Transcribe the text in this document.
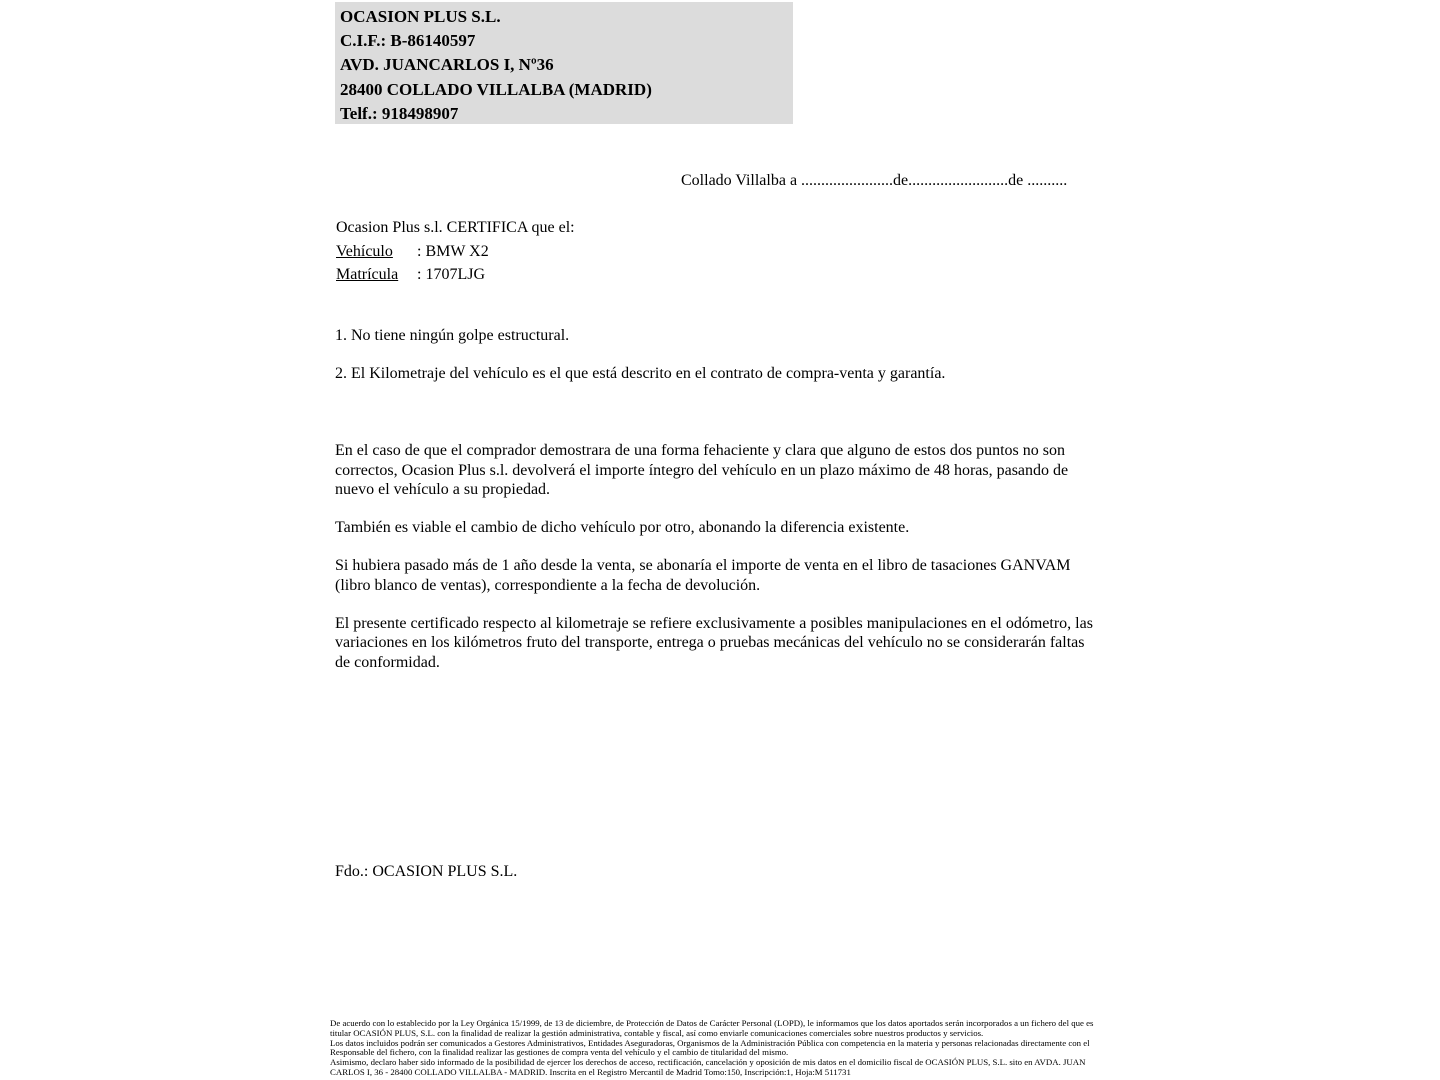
OCASION PLUS S.L.
C.I.F.: B-86140597
AVD. JUANCARLOS I, Nº36
28400 COLLADO VILLALBA (MADRID)
Telf.: 918498907
Collado Villalba a .......................de.........................de ..........
Ocasion Plus s.l. CERTIFICA que el:
Vehículo : BMW X2
Matrícula : 1707LJG

1. No tiene ningún golpe estructural.

2. El Kilometraje del vehículo es el que está descrito en el contrato de compra-venta y garantía.

En el caso de que el comprador demostrara de una forma fehaciente y clara que alguno de estos dos puntos no son correctos, Ocasion Plus s.l. devolverá el importe íntegro del vehículo en un plazo máximo de 48 horas, pasando de nuevo el vehículo a su propiedad.

También es viable el cambio de dicho vehículo por otro, abonando la diferencia existente.

Si hubiera pasado más de 1 año desde la venta, se abonaría el importe de venta en el libro de tasaciones GANVAM (libro blanco de ventas), correspondiente a la fecha de devolución.

El presente certificado respecto al kilometraje se refiere exclusivamente a posibles manipulaciones en el odómetro, las variaciones en los kilómetros fruto del transporte, entrega o pruebas mecánicas del vehículo no se considerarán faltas de conformidad.

Fdo.: OCASION PLUS S.L.

De acuerdo con lo establecido por la Ley Orgánica 15/1999, de 13 de diciembre, de Protección de Datos de Carácter Personal (LOPD), le informamos que los datos aportados serán incorporados a un fichero del que es titular OCASIÓN PLUS, S.L. con la finalidad de realizar la gestión administrativa, contable y fiscal, así como enviarle comunicaciones comerciales sobre nuestros productos y servicios.

Los datos incluidos podrán ser comunicados a Gestores Administrativos, Entidades Aseguradoras, Organismos de la Administración Pública con competencia en la materia y personas relacionadas directamente con el Responsable del fichero, con la finalidad realizar las gestiones de compra venta del vehículo y el cambio de titularidad del mismo.

Asimismo, declaro haber sido informado de la posibilidad de ejercer los derechos de acceso, rectificación, cancelación y oposición de mis datos en el domicilio fiscal de OCASIÓN PLUS, S.L. sito en AVDA. JUAN CARLOS I, 36 - 28400 COLLADO VILLALBA - MADRID. Inscrita en el Registro Mercantil de Madrid Tomo:150, Inscripción:1, Hoja:M 511731
